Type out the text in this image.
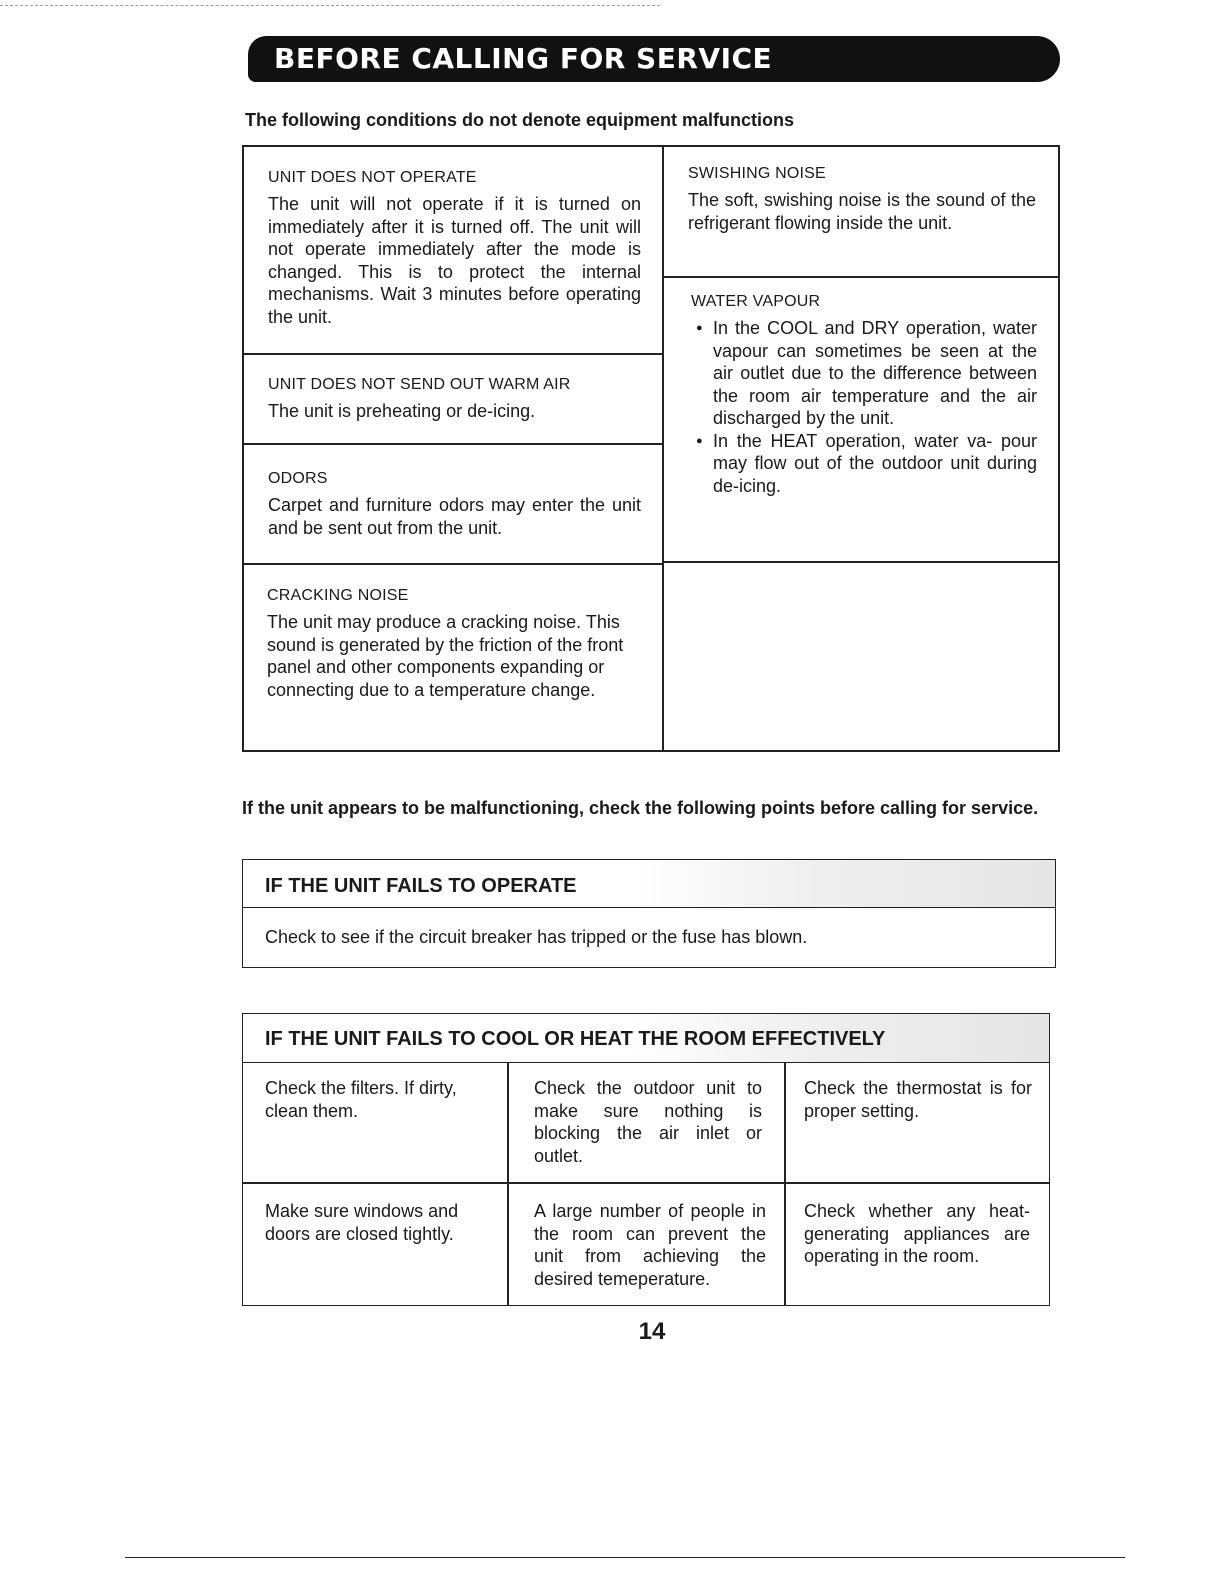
BEFORE CALLING FOR SERVICE
The following conditions do not denote equipment malfunctions
UNIT DOES NOT OPERATE

The unit will not operate if it is turned on immediately after it is turned off. The unit will not operate immediately after the mode is changed. This is to protect the internal mechanisms. Wait 3 minutes before operating the unit.

UNIT DOES NOT SEND OUT WARM AIR

The unit is preheating or de-icing.

ODORS

Carpet and furniture odors may enter the unit and be sent out from the unit.

CRACKING NOISE

The unit may produce a cracking noise. This sound is generated by the friction of the front panel and other components expanding or connecting due to a temperature change.

SWISHING NOISE

The soft, swishing noise is the sound of the refrigerant flowing inside the unit.

WATER VAPOUR
● In the COOL and DRY operation, water vapour can sometimes be seen at the air outlet due to the difference between the room air temperature and the air discharged by the unit.
● In the HEAT operation, water va- pour may flow out of the outdoor unit during de-icing.
If the unit appears to be malfunctioning, check the following points before calling for service.
IF THE UNIT FAILS TO OPERATE
Check to see if the circuit breaker has tripped or the fuse has blown.
IF THE UNIT FAILS TO COOL OR HEAT THE ROOM EFFECTIVELY
Check the filters. If dirty, clean them.
Check the outdoor unit to make sure nothing is blocking the air inlet or outlet.
Check the thermostat is for proper setting.
Make sure windows and doors are closed tightly.
A large number of people in the room can prevent the unit from achieving the desired temeperature.
Check whether any heat-generating appliances are operating in the room.
14
